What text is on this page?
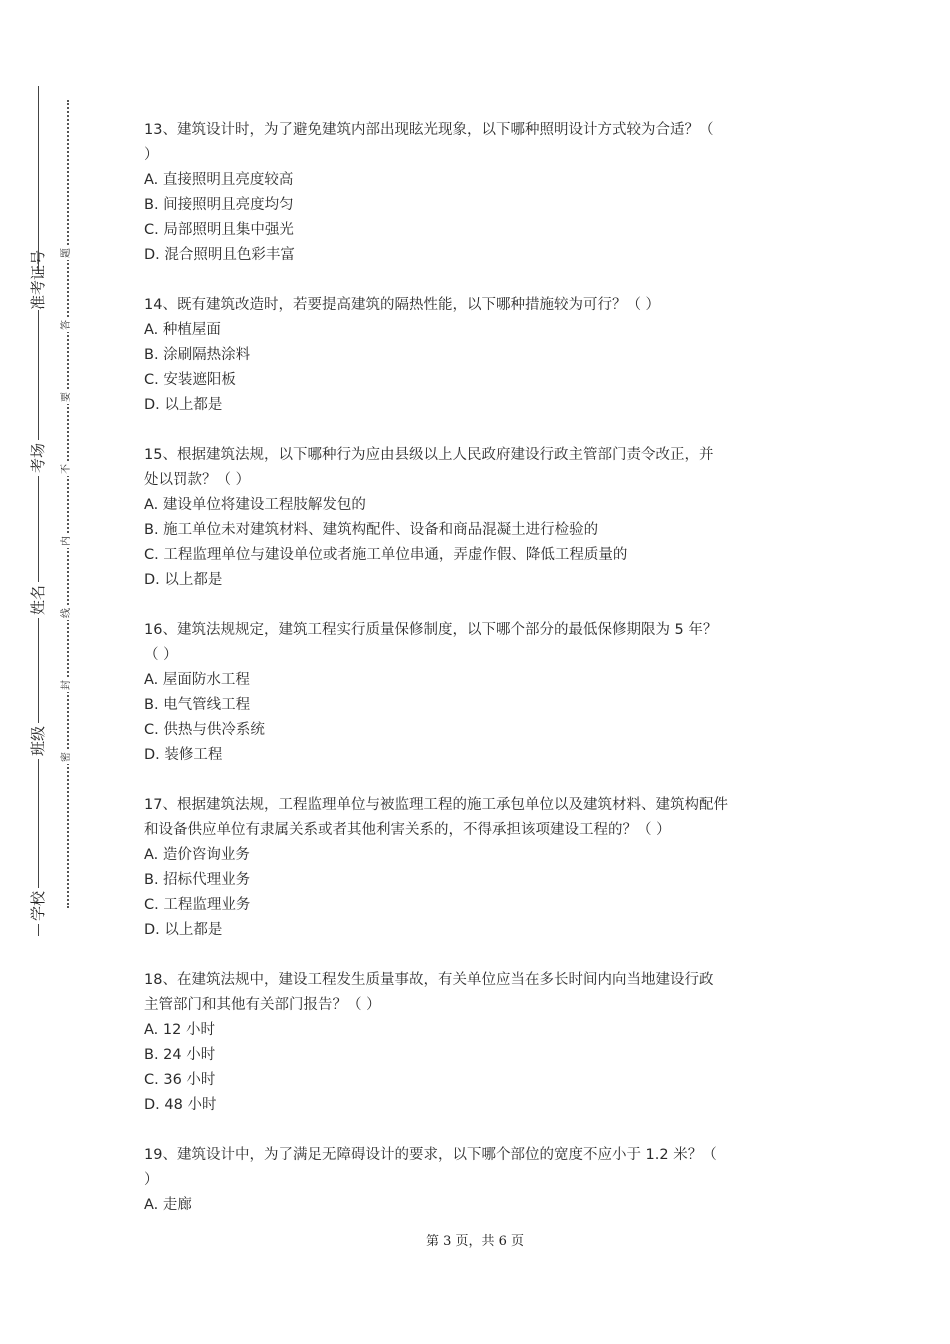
准考证号
考场
姓名
班级
学校
题
答
要
不
内
线
封
密

13、建筑设计时，为了避免建筑内部出现眩光现象，以下哪种照明设计方式较为合适？（

）

A. 直接照明且亮度较高

B. 间接照明且亮度均匀

C. 局部照明且集中强光

D. 混合照明且色彩丰富

14、既有建筑改造时，若要提高建筑的隔热性能，以下哪种措施较为可行？（ ）

A. 种植屋面

B. 涂刷隔热涂料

C. 安装遮阳板

D. 以上都是

15、根据建筑法规，以下哪种行为应由县级以上人民政府建设行政主管部门责令改正，并

处以罚款？（ ）

A. 建设单位将建设工程肢解发包的

B. 施工单位未对建筑材料、建筑构配件、设备和商品混凝土进行检验的

C. 工程监理单位与建设单位或者施工单位串通，弄虚作假、降低工程质量的

D. 以上都是

16、建筑法规规定，建筑工程实行质量保修制度，以下哪个部分的最低保修期限为 5 年？

（ ）

A. 屋面防水工程

B. 电气管线工程

C. 供热与供冷系统

D. 装修工程

17、根据建筑法规，工程监理单位与被监理工程的施工承包单位以及建筑材料、建筑构配件

和设备供应单位有隶属关系或者其他利害关系的，不得承担该项建设工程的？（ ）

A. 造价咨询业务

B. 招标代理业务

C. 工程监理业务

D. 以上都是

18、在建筑法规中，建设工程发生质量事故，有关单位应当在多长时间内向当地建设行政

主管部门和其他有关部门报告？（ ）

A. 12 小时

B. 24 小时

C. 36 小时

D. 48 小时

19、建筑设计中，为了满足无障碍设计的要求，以下哪个部位的宽度不应小于 1.2 米？（

）

A. 走廊

第 3 页，共 6 页
